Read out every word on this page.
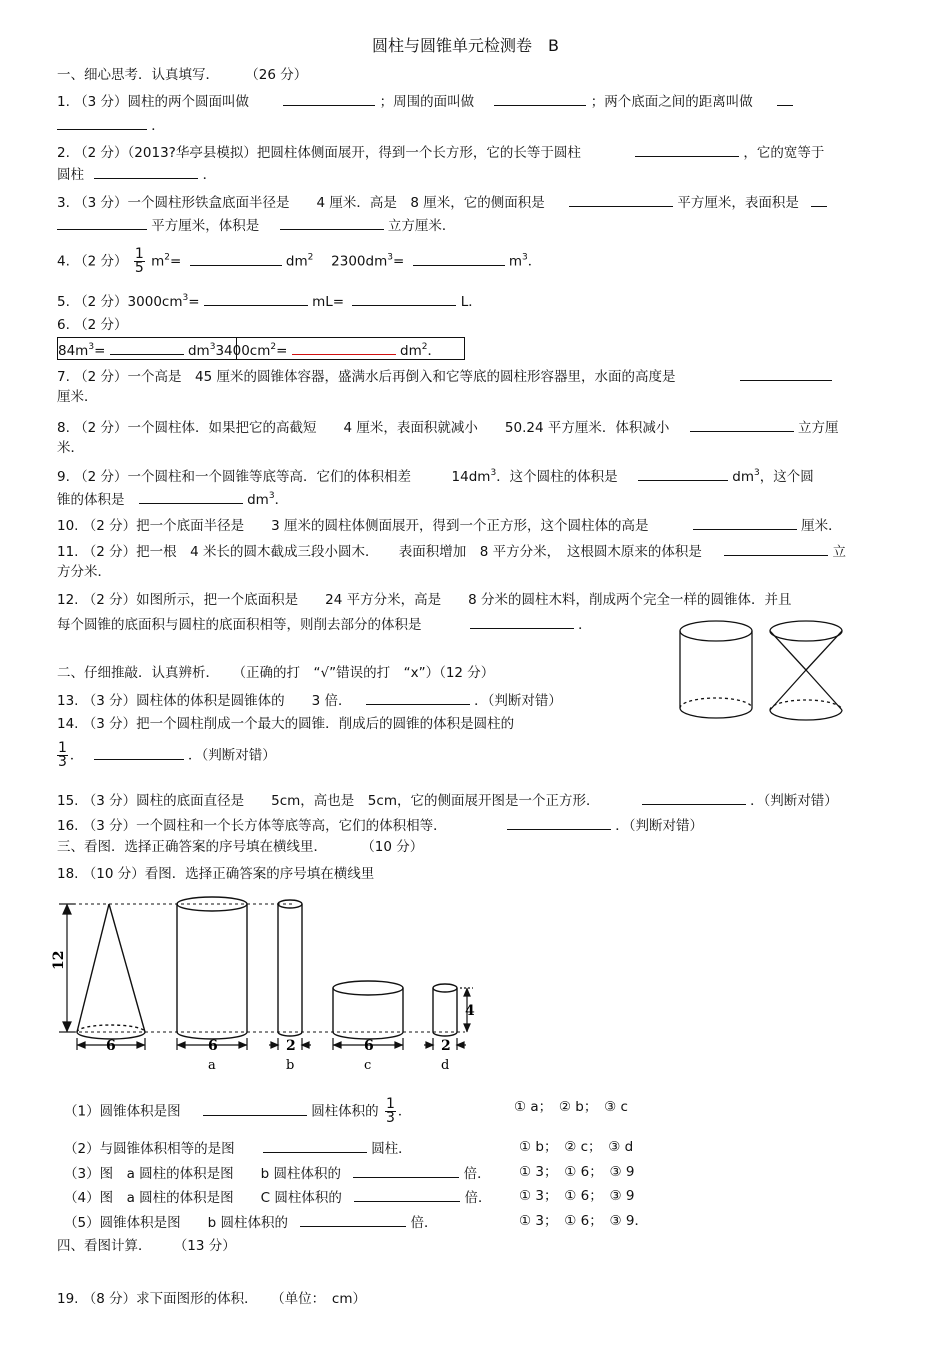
圆柱与圆锥单元检测卷　B
一、细心思考．认真填写． （26 分）
1. （3 分）圆柱的两个圆面叫做	；周围的面叫做	；两个底面之间的距离叫做
．
2. （2 分）（2013?华亭县模拟）把圆柱体侧面展开，得到一个长方形，它的长等于圆柱	，它的宽等于
圆柱	．
3. （3 分）一个圆柱形铁盒底面半径是　　4 厘米．高是　8 厘米，它的侧面积是	平方厘米，表面积是
平方厘米，体积是	立方厘米．
4. （2 分） $\frac{1}{5} m^2=$	$dm^2$ 　$2300dm^3=$	$m^3$．
5. （2 分）$3000cm^3=$	mL=	L．
6. （2 分）
$84m^3=$	$dm^33400cm^2=$	$dm^2$．
7. （2 分）一个高是　45 厘米的圆锥体容器，盛满水后再倒入和它等底的圆柱形容器里，水面的高度是
厘米．
8. （2 分）一个圆柱体．如果把它的高截短　　4 厘米，表面积就减小　　50.24 平方厘米．体积减小	立方厘
米．
9. （2 分）一个圆柱和一个圆锥等底等高．它们的体积相差　　　$14dm^3$．这个圆柱的体积是	$dm^3$，这个圆
锥的体积是	$dm^3$．
10. （2 分）把一个底面半径是　　3 厘米的圆柱体侧面展开，得到一个正方形，这个圆柱体的高是	厘米．
11. （2 分）把一根　4 米长的圆木截成三段小圆木．　　表面积增加　8 平方分米，　这根圆木原来的体积是	立
方分米．
12. （2 分）如图所示，把一个底面积是　　24 平方分米，高是　　8 分米的圆柱木料，削成两个完全一样的圆锥体．并且
每个圆锥的底面积与圆柱的底面积相等，则削去部分的体积是	．
二、仔细推敲．认真辨析．　　（正确的打　“√”错误的打　“x”）（12 分）
13. （3 分）圆柱体的体积是圆锥体的　　3 倍．	．（判断对错）
14. （3 分）把一个圆柱削成一个最大的圆锥．削成后的圆锥的体积是圆柱的
$\frac{1}{3}$ ．	．（判断对错）
15. （3 分）圆柱的底面直径是　　5cm，高也是　5cm，它的侧面展开图是一个正方形．	．（判断对错）
16. （3 分）一个圆柱和一个长方体等底等高，它们的体积相等．	．（判断对错）
三、看图．选择正确答案的序号填在横线里．	（10 分）
18. （10 分）看图．选择正确答案的序号填在横线里
12
4
6	6	2	6	2
a	b	c	d
（1）圆锥体积是图	圆柱体积的 $\frac{1}{3}$ ．	① a；　② b；　③ c
（2）与圆锥体积相等的是图	圆柱．	① b；　② c；　③ d
（3）图　a 圆柱的体积是图　　b 圆柱体积的	倍． ① 3；　① 6；　③ 9
（4）图　a 圆柱的体积是图　　C 圆柱体积的	倍． ① 3；　① 6；　③ 9
（5）圆锥体积是图　　b 圆柱体积的	倍．	① 3；　① 6；　③ 9．
四、看图计算． （13 分）
19. （8 分）求下面图形的体积．　　（单位：　cm）
